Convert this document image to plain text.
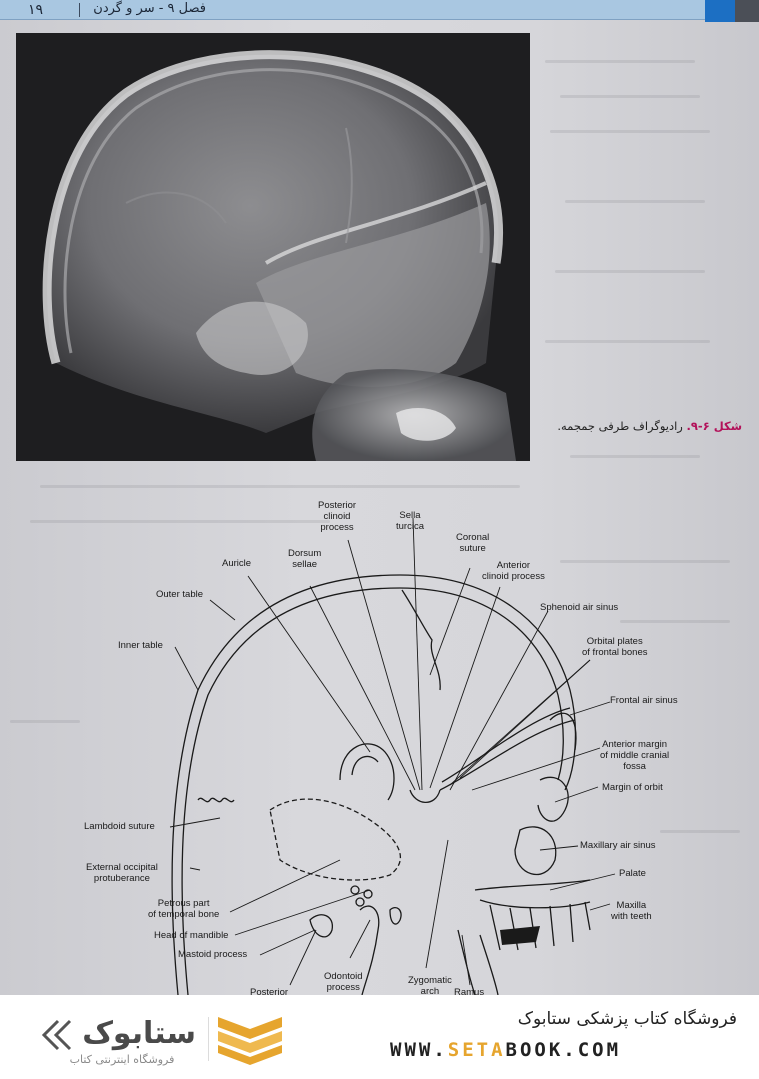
۱۹	فصل ۹ - سر و گردن
شکل ۶-۹. رادیوگراف طرفی جمجمه.
Posterior
clinoid
process
Sella
turcica
Coronal
suture
Auricle
Dorsum
sellae	Anterior
clinoid process
Outer table
Sphenoid air sinus
Orbital plates
of frontal bones
Inner table
Frontal air sinus
Anterior margin
of middle cranial
fossa
Margin of orbit
Lambdoid suture
Maxillary air sinus
External occipital
protuberance	Palate
Petrous part
of temporal bone
Maxilla
with teeth
Head of mandible
Mastoid process
Odontoid
process
Zygomatic
arch	Ramus
Posterior
ستابوک
فروشگاه اینترنتی کتاب
فروشگاه کتاب پزشکی ستابوک
WWW.SETABOOK.COM
